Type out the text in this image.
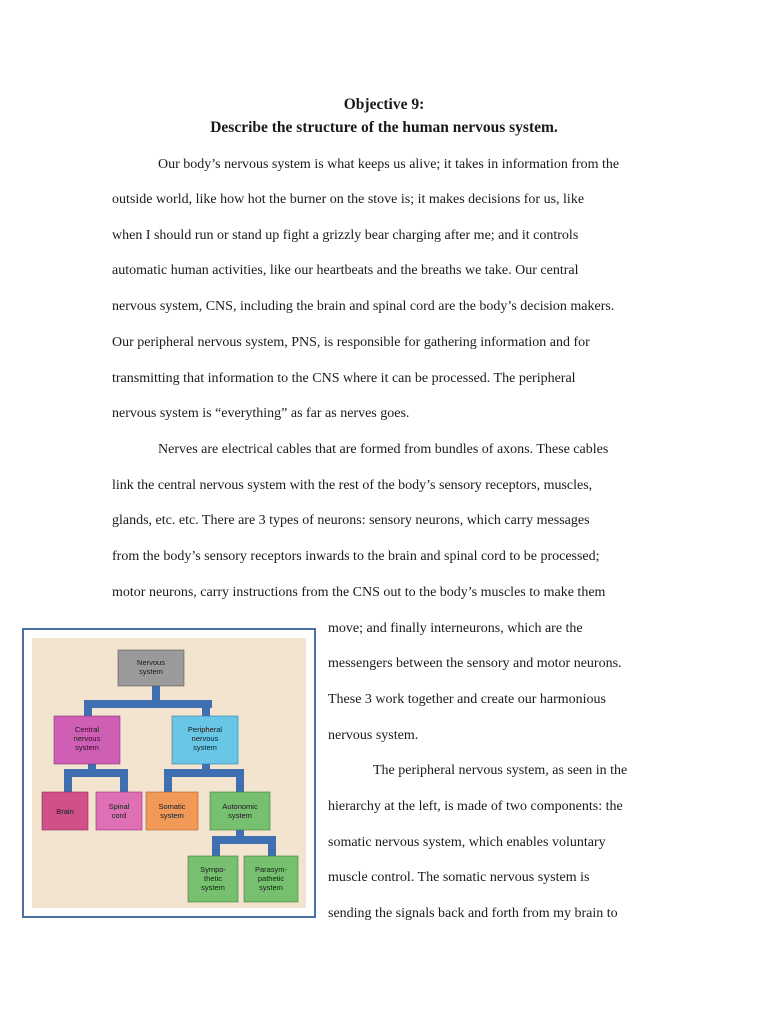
Objective 9:
Describe the structure of the human nervous system.
Our body’s nervous system is what keeps us alive; it takes in information from the
outside world, like how hot the burner on the stove is; it makes decisions for us, like
when I should run or stand up fight a grizzly bear charging after me; and it controls
automatic human activities, like our heartbeats and the breaths we take. Our central
nervous system, CNS, including the brain and spinal cord are the body’s decision makers.
Our peripheral nervous system, PNS, is responsible for gathering information and for
transmitting that information to the CNS where it can be processed. The peripheral
nervous system is “everything” as far as nerves goes.
Nerves are electrical cables that are formed from bundles of axons. These cables
link the central nervous system with the rest of the body’s sensory receptors, muscles,
glands, etc. etc. There are 3 types of neurons: sensory neurons, which carry messages
from the body’s sensory receptors inwards to the brain and spinal cord to be processed;
motor neurons, carry instructions from the CNS out to the body’s muscles to make them
move; and finally interneurons, which are the
messengers between the sensory and motor neurons.
These 3 work together and create our harmonious
nervous system.
The peripheral nervous system, as seen in the
hierarchy at the left, is made of two components: the
somatic nervous system, which enables voluntary
muscle control. The somatic nervous system is
sending the signals back and forth from my brain to
Nervous
system
Central
nervous
system
Peripheral
nervous
system
Brain
Spinal
cord
Somatic
system
Autonomic
system
Sympo-
thetic
system
Parasym-
pathetic
system
